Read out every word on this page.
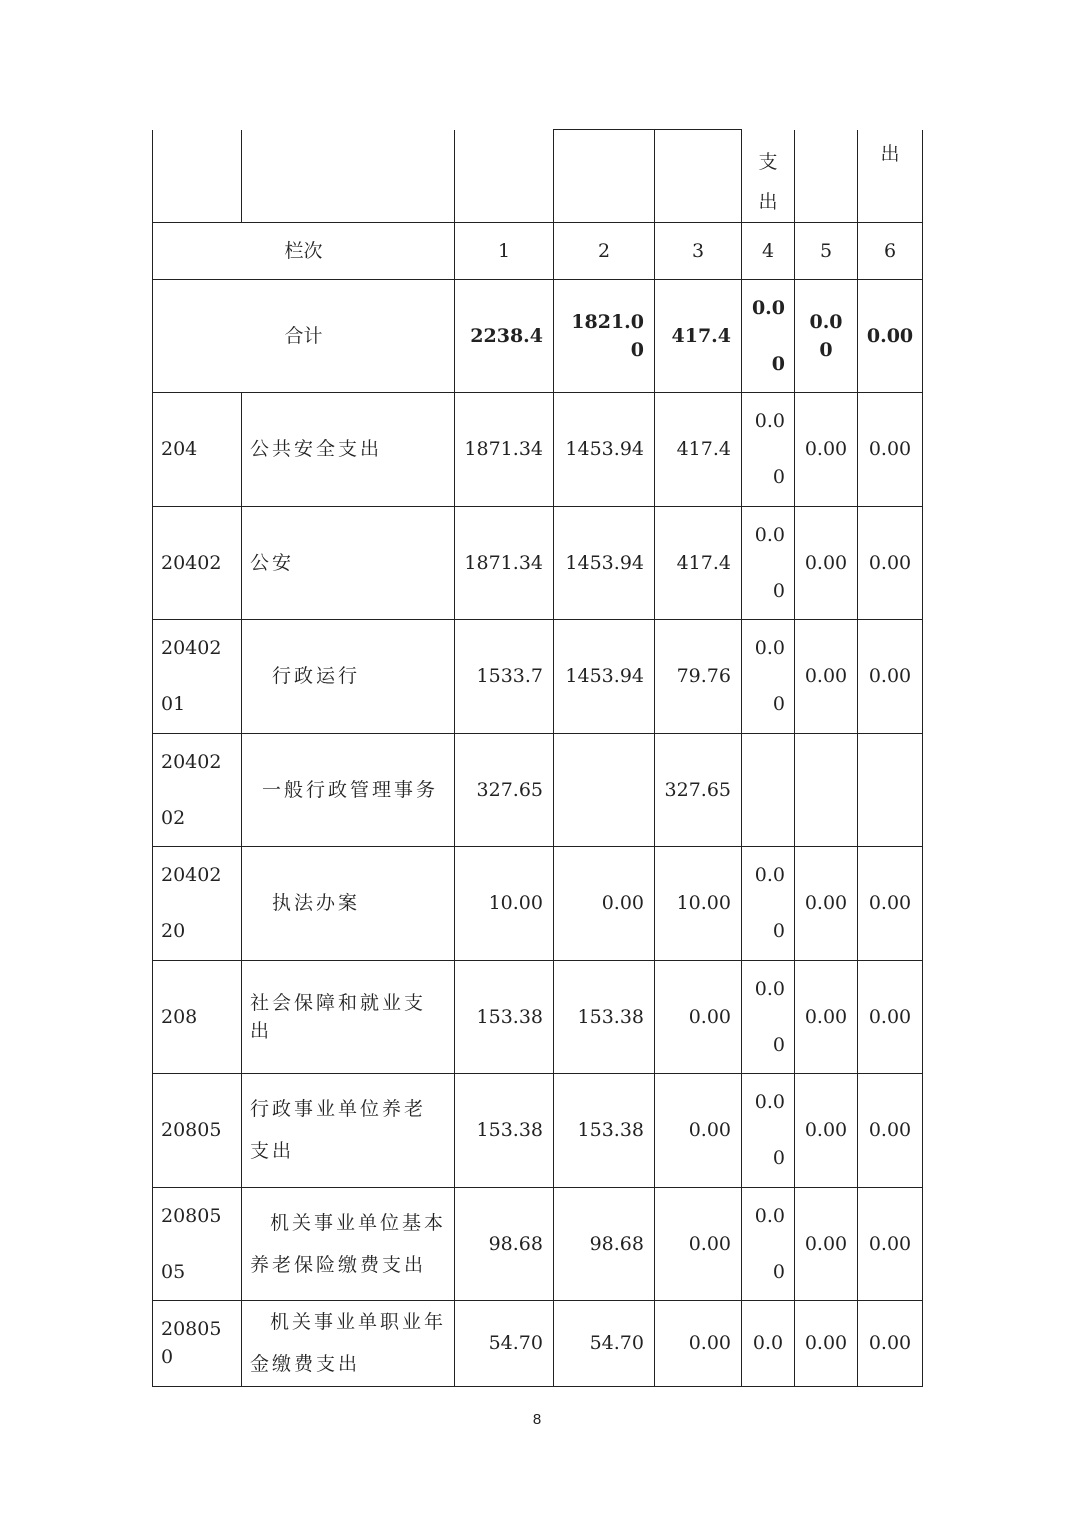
					支出		出
栏次		1	2	3	4	5	6
合计		2238.4	1821.00	417.4	0.00	0.00	0.00
204	公共安全支出	1871.34	1453.94	417.4	0.00	0.00	0.00
20402	公安	1871.34	1453.94	417.4	0.00	0.00	0.00
2040201	行政运行	1533.7	1453.94	79.76	0.00	0.00	0.00
2040202	一般行政管理事务	327.65		327.65			
2040220	执法办案	10.00	0.00	10.00	0.00	0.00	0.00
208	社会保障和就业支出	153.38	153.38	0.00	0.00	0.00	0.00
20805	行政事业单位养老支出	153.38	153.38	0.00	0.00	0.00	0.00
2080505	机关事业单位基本养老保险缴费支出	98.68	98.68	0.00	0.00	0.00	0.00
208050	机关事业单职业年金缴费支出	54.70	54.70	0.00	0.0	0.00	0.00
8
